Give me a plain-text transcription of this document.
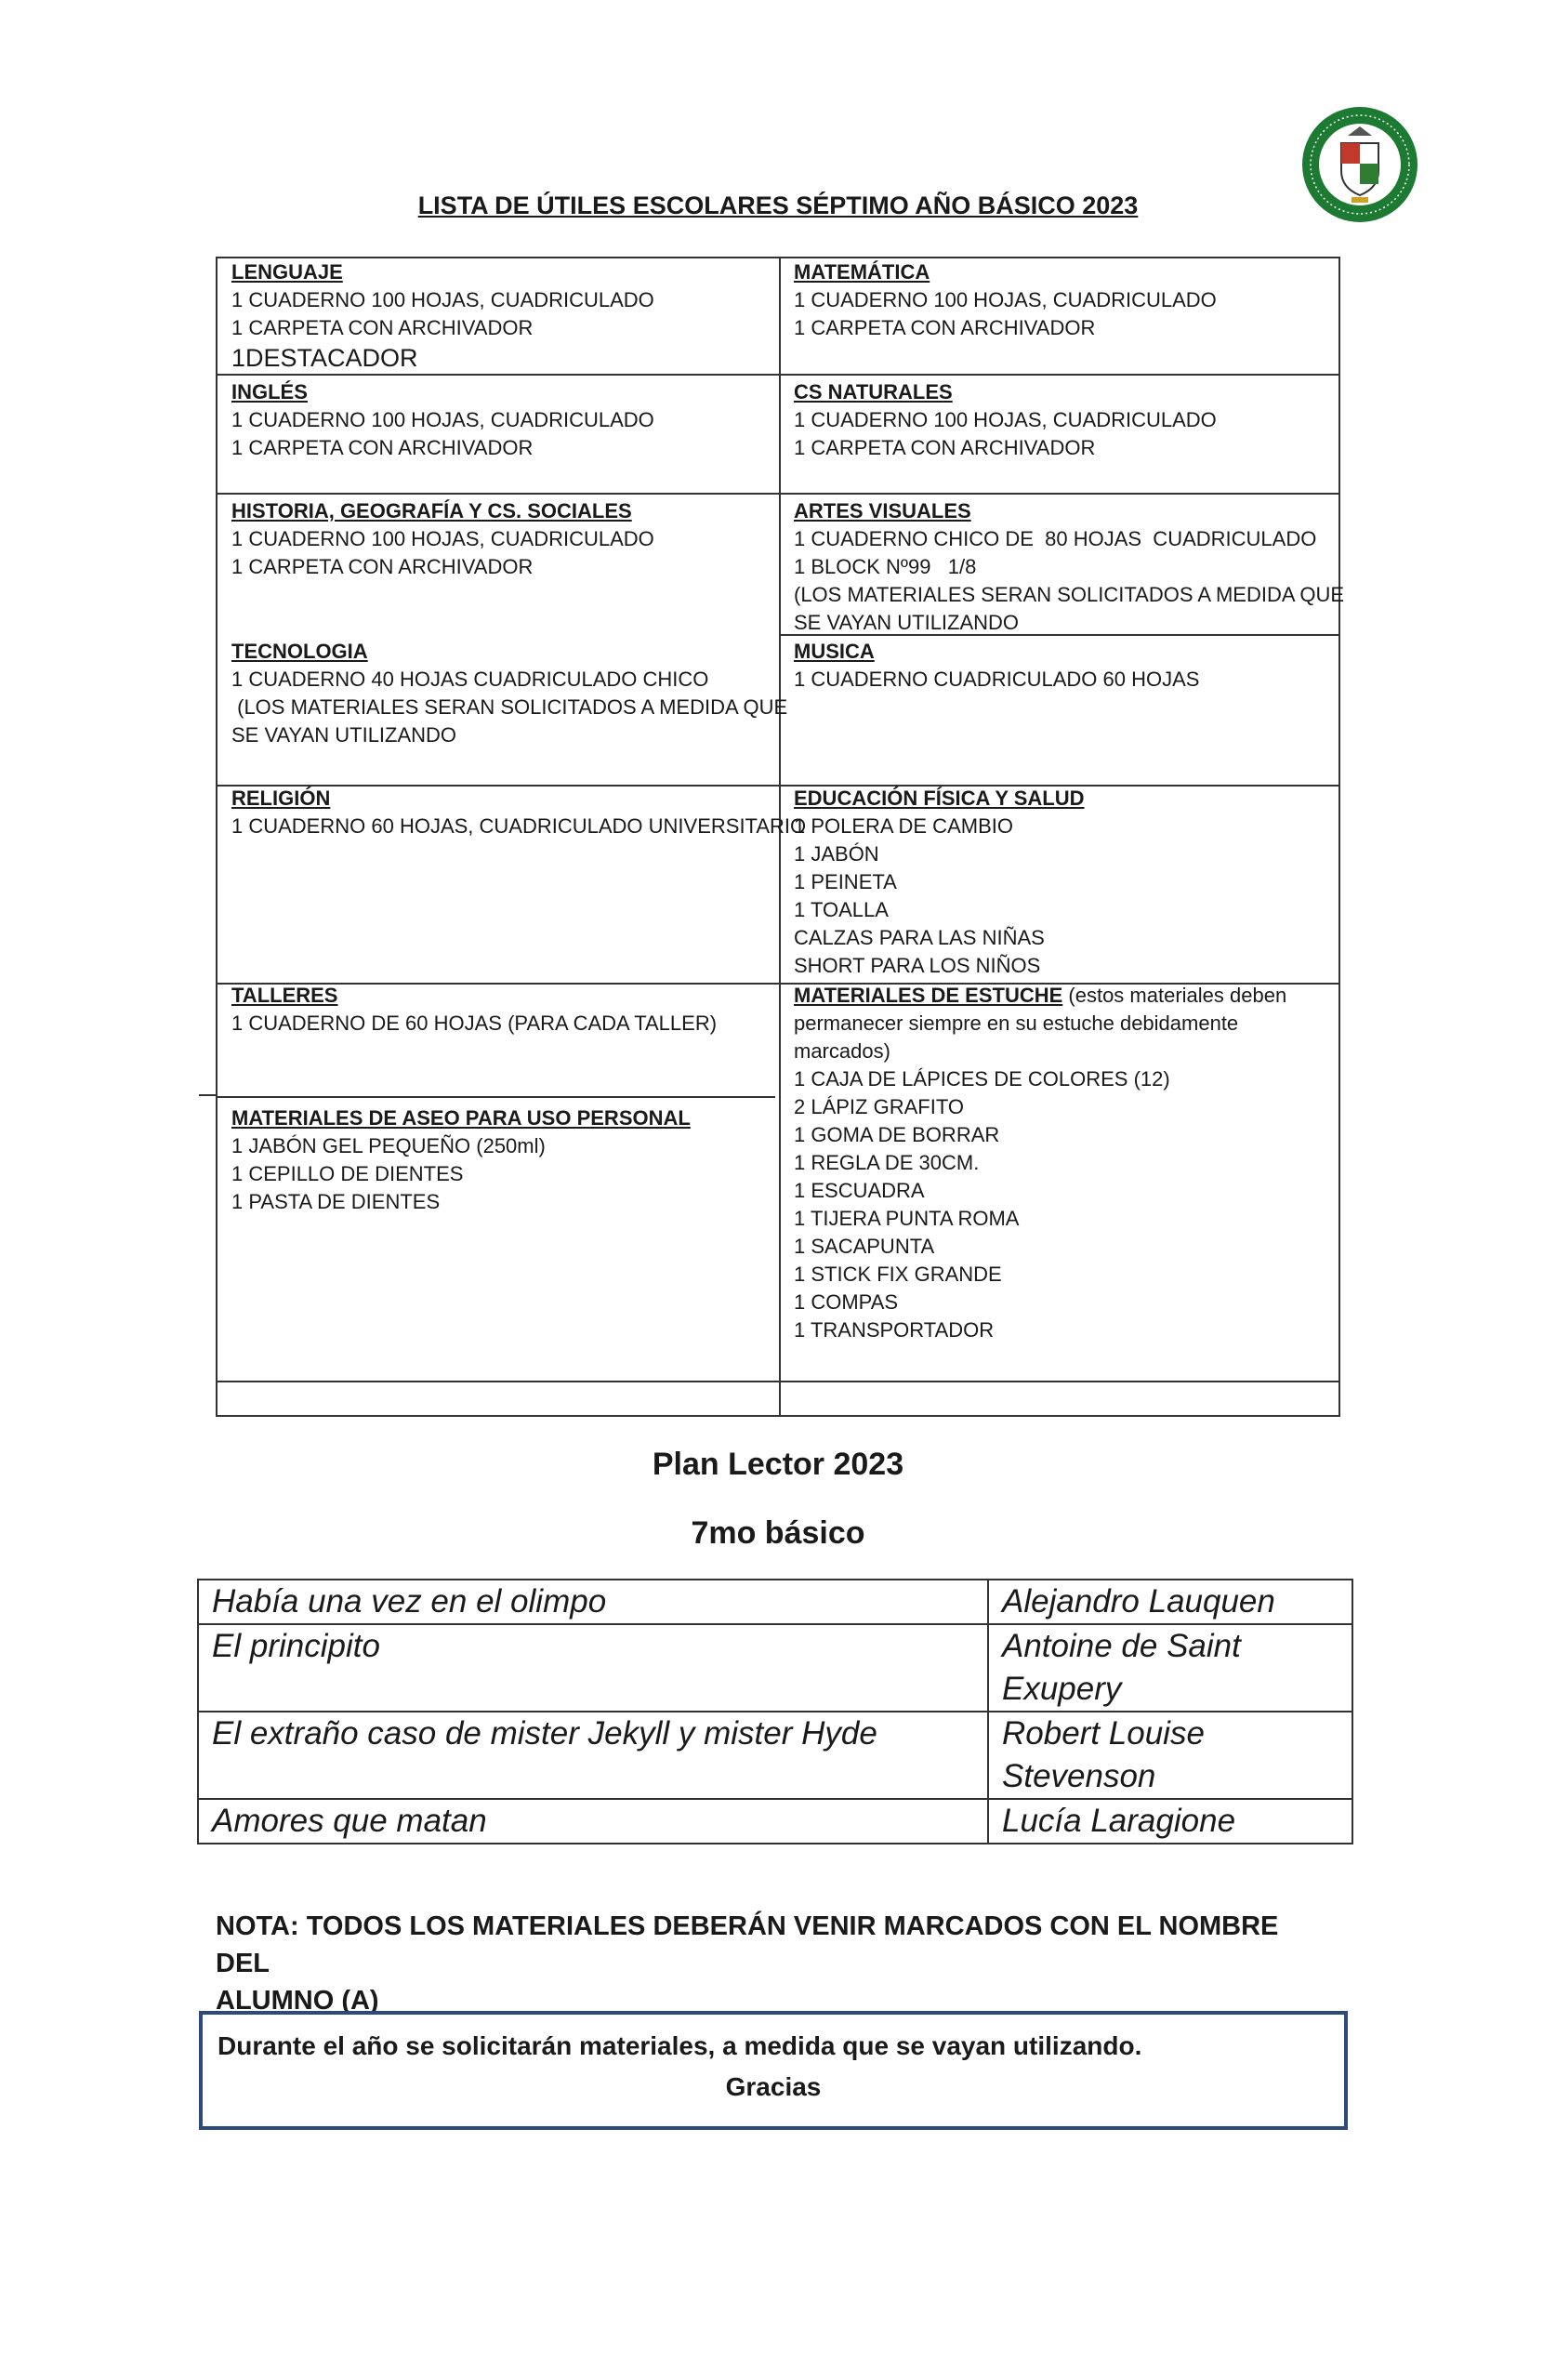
LISTA DE ÚTILES ESCOLARES SÉPTIMO AÑO BÁSICO 2023
LENGUAJE
1 CUADERNO 100 HOJAS, CUADRICULADO
1 CARPETA CON ARCHIVADOR
1DESTACADOR
MATEMÁTICA
1 CUADERNO 100 HOJAS, CUADRICULADO
1 CARPETA CON ARCHIVADOR
INGLÉS
1 CUADERNO 100 HOJAS, CUADRICULADO
1 CARPETA CON ARCHIVADOR
CS NATURALES
1 CUADERNO 100 HOJAS, CUADRICULADO
1 CARPETA CON ARCHIVADOR
HISTORIA, GEOGRAFÍA Y CS. SOCIALES
1 CUADERNO 100 HOJAS, CUADRICULADO
1 CARPETA CON ARCHIVADOR
ARTES VISUALES
1 CUADERNO CHICO DE  80 HOJAS  CUADRICULADO
1 BLOCK Nº99   1/8
(LOS MATERIALES SERAN SOLICITADOS A MEDIDA QUE
SE VAYAN UTILIZANDO
TECNOLOGIA
1 CUADERNO 40 HOJAS CUADRICULADO CHICO
(LOS MATERIALES SERAN SOLICITADOS A MEDIDA QUE
SE VAYAN UTILIZANDO
MUSICA
1 CUADERNO CUADRICULADO 60 HOJAS
RELIGIÓN
1 CUADERNO 60 HOJAS, CUADRICULADO UNIVERSITARIO
EDUCACIÓN FÍSICA Y SALUD
1 POLERA DE CAMBIO
1 JABÓN
1 PEINETA
1 TOALLA
CALZAS PARA LAS NIÑAS
SHORT PARA LOS NIÑOS
TALLERES
1 CUADERNO DE 60 HOJAS (PARA CADA TALLER)
MATERIALES DE ESTUCHE (estos materiales deben
permanecer siempre en su estuche debidamente
marcados)
1 CAJA DE LÁPICES DE COLORES (12)
2 LÁPIZ GRAFITO
1 GOMA DE BORRAR
1 REGLA DE 30CM.
1 ESCUADRA
1 TIJERA PUNTA ROMA
1 SACAPUNTA
1 STICK FIX GRANDE
1 COMPAS
1 TRANSPORTADOR
MATERIALES DE ASEO PARA USO PERSONAL
1 JABÓN GEL PEQUEÑO (250ml)
1 CEPILLO DE DIENTES
1 PASTA DE DIENTES
Plan Lector 2023
7mo básico
Había una vez en el olimpo	Alejandro Lauquen
El principito	Antoine de Saint
Exupery
El extraño caso de mister Jekyll y mister Hyde	Robert Louise
Stevenson
Amores que matan	Lucía Laragione
NOTA: TODOS LOS MATERIALES DEBERÁN VENIR MARCADOS CON EL NOMBRE DEL
ALUMNO (A)
Durante el año se solicitarán materiales, a medida que se vayan utilizando.
Gracias
